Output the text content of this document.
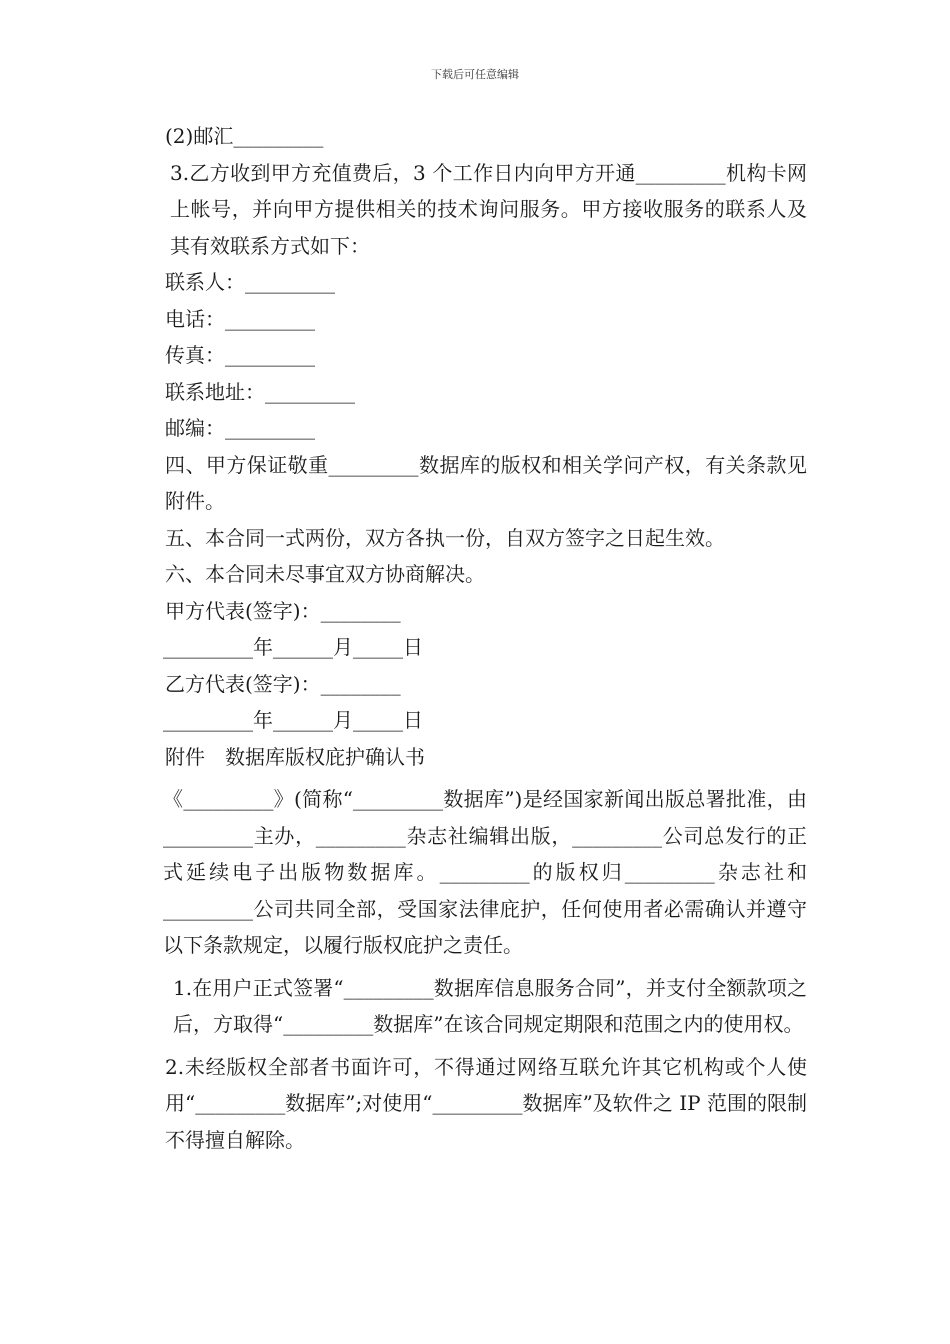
下载后可任意编辑

(2)邮汇_________

3.乙方收到甲方充值费后，3 个工作日内向甲方开通_________机构卡网上帐号，并向甲方提供相关的技术询问服务。甲方接收服务的联系人及其有效联系方式如下：

联系人：_________

电话：_________

传真：_________

联系地址：_________

邮编：_________

四、甲方保证敬重_________数据库的版权和相关学问产权，有关条款见附件。

五、本合同一式两份，双方各执一份，自双方签字之日起生效。

六、本合同未尽事宜双方协商解决。

甲方代表(签字)：________

_________年______月_____日

乙方代表(签字)：________

_________年______月_____日

附件　数据库版权庇护确认书

《_________》(简称“_________数据库”)是经国家新闻出版总署批准，由_________主办，_________杂志社编辑出版，_________公司总发行的正式延续电子出版物数据库。_________的版权归_________杂志社和_________公司共同全部，受国家法律庇护，任何使用者必需确认并遵守以下条款规定，以履行版权庇护之责任。

1.在用户正式签署“_________数据库信息服务合同”，并支付全额款项之后，方取得“_________数据库”在该合同规定期限和范围之内的使用权。

2.未经版权全部者书面许可，不得通过网络互联允许其它机构或个人使用“_________数据库”;对使用“_________数据库”及软件之 IP 范围的限制不得擅自解除。
